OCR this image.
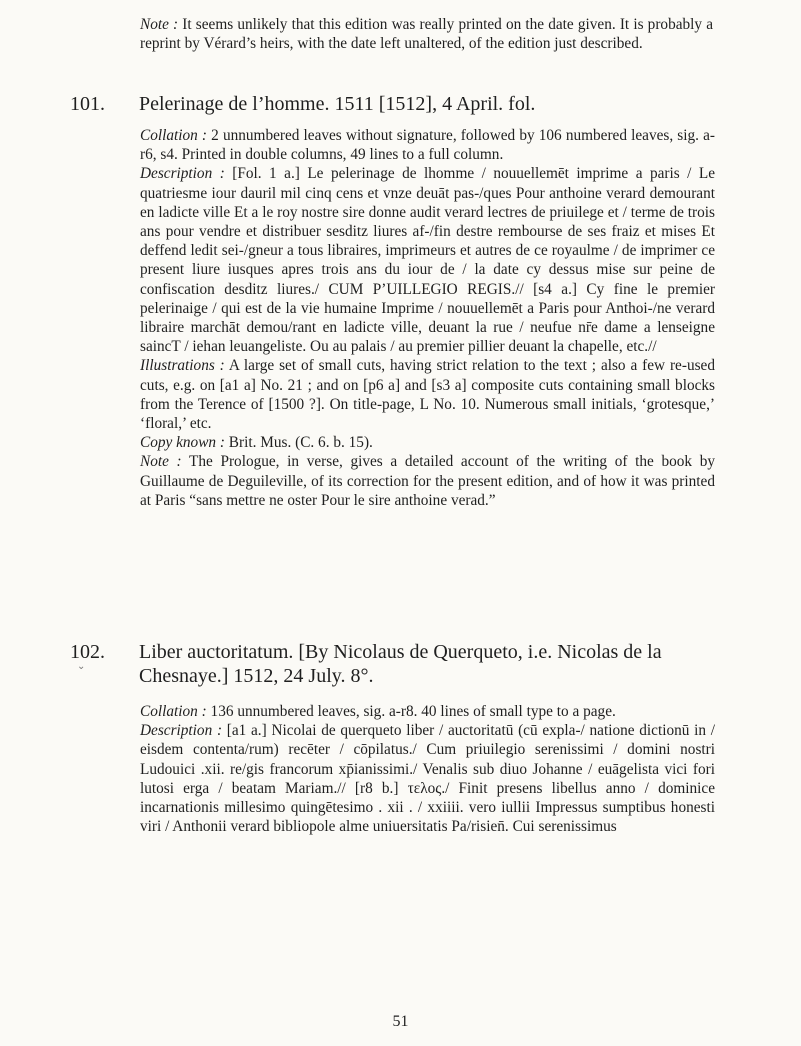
Note : It seems unlikely that this edition was really printed on the date given. It is probably a reprint by Vérard’s heirs, with the date left unaltered, of the edition just described.

101. Pelerinage de l’homme. 1511 [1512], 4 April. fol.

Collation : 2 unnumbered leaves without signature, followed by 106 numbered leaves, sig. a-r6, s4. Printed in double columns, 49 lines to a full column.

Description : [Fol. 1 a.] Le pelerinage de lhomme / nouuellemēt imprime a paris / Le quatriesme iour dauril mil cinq cens et vnze deuāt pas-/ques Pour anthoine verard demourant en ladicte ville Et a le roy nostre sire donne audit verard lectres de priuilege et / terme de trois ans pour vendre et distribuer sesditz liures af-/fin destre rembourse de ses fraiz et mises Et deffend ledit sei-/gneur a tous libraires, imprimeurs et autres de ce royaulme / de imprimer ce present liure iusques apres trois ans du iour de / la date cy dessus mise sur peine de confiscation desditz liures./ CUM P’UILLEGIO REGIS.// [s4 a.] Cy fine le premier pelerinaige / qui est de la vie humaine Imprime / nouuellemēt a Paris pour Anthoi-/ne verard libraire marchāt demou/rant en ladicte ville, deuant la rue / neufue nr̄e dame a lenseigne saincT / iehan leuangeliste. Ou au palais / au premier pillier deuant la chapelle, etc.//

Illustrations : A large set of small cuts, having strict relation to the text ; also a few re-used cuts, e.g. on [a1 a] No. 21 ; and on [p6 a] and [s3 a] composite cuts containing small blocks from the Terence of [1500 ?]. On title-page, L No. 10. Numerous small initials, ‘grotesque,’ ‘floral,’ etc.

Copy known : Brit. Mus. (C. 6. b. 15).

Note : The Prologue, in verse, gives a detailed account of the writing of the book by Guillaume de Deguileville, of its correction for the present edition, and of how it was printed at Paris “sans mettre ne oster Pour le sire anthoine verad.”

102. Liber auctoritatum. [By Nicolaus de Querqueto, i.e. Nicolas de la Chesnaye.] 1512, 24 July. 8°.

Collation : 136 unnumbered leaves, sig. a-r8. 40 lines of small type to a page.

Description : [a1 a.] Nicolai de querqueto liber / auctoritatū (cū expla-/ natione dictionū in / eisdem contenta/rum) recēter / cōpilatus./ Cum priuilegio serenissimi / domini nostri Ludouici .xii. re/gis francorum xp̄ianissimi./ Venalis sub diuo Johanne / euāgelista vici fori lutosi erga / beatam Mariam.// [r8 b.] τελος./ Finit presens libellus anno / dominice incarnationis millesimo quingētesimo . xii . / xxiiii. vero iullii Impressus sumptibus honesti viri / Anthonii verard bibliopole alme uniuersitatis Pa/risien̄. Cui serenissimus

⌄
51
